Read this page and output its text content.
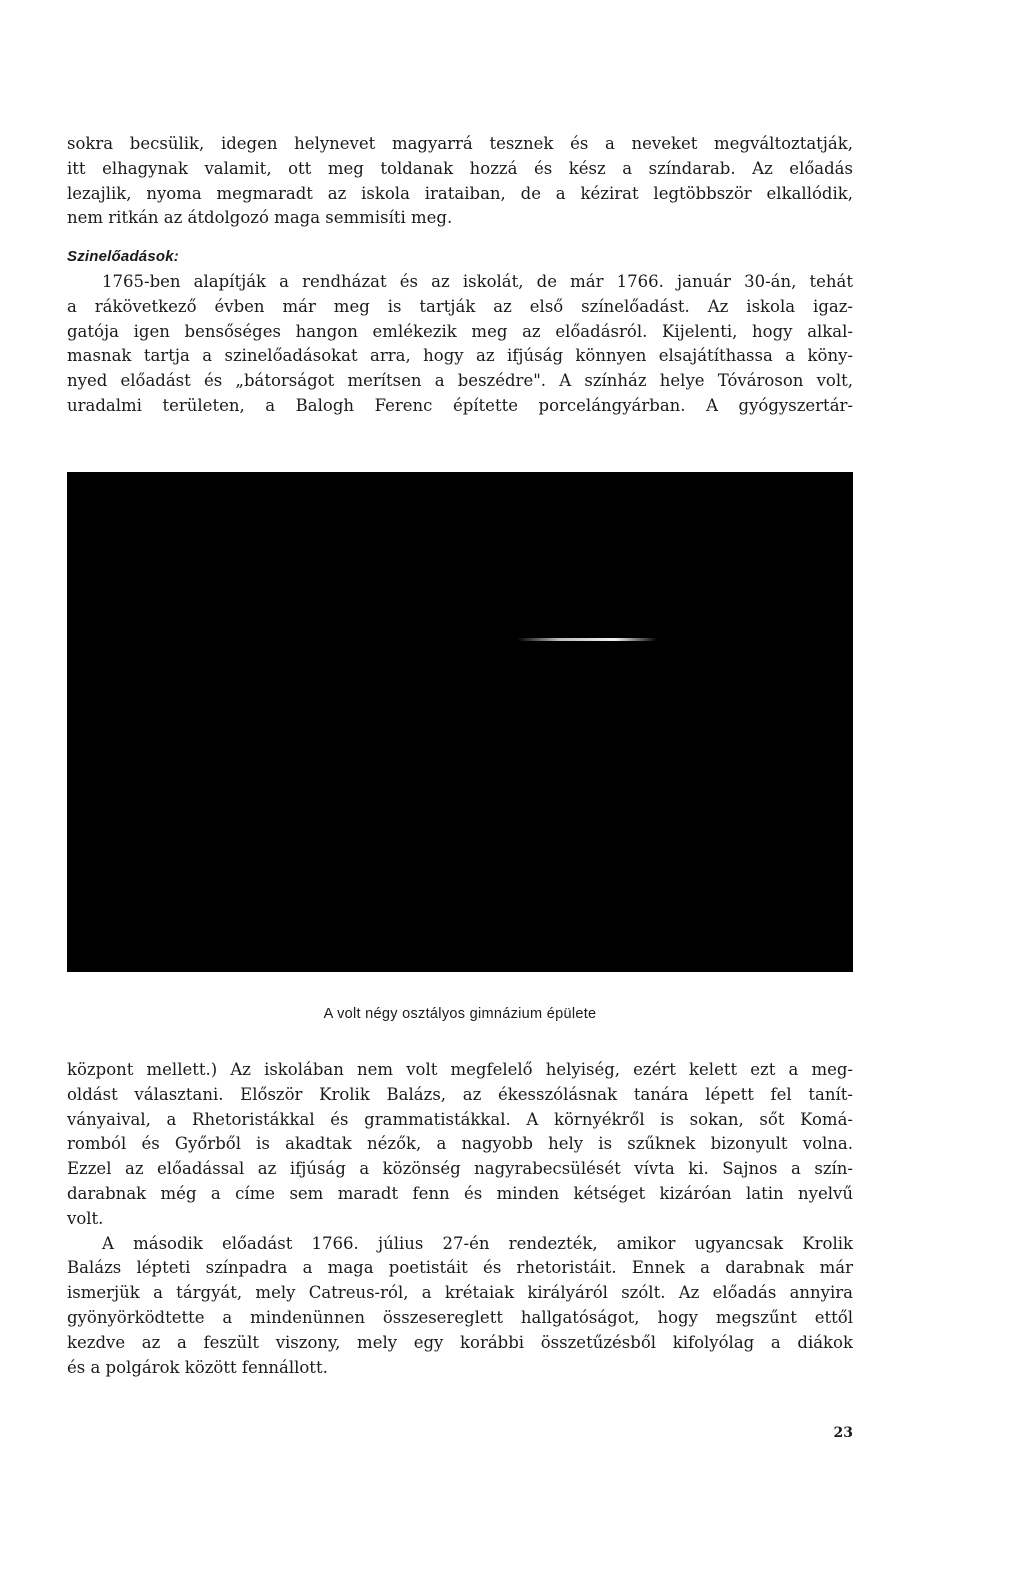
sokra becsülik, idegen helynevet magyarrá tesznek és a neveket megváltoztatják,

itt elhagynak valamit, ott meg toldanak hozzá és kész a színdarab. Az előadás

lezajlik, nyoma megmaradt az iskola irataiban, de a kézirat legtöbbször elkallódik,

nem ritkán az átdolgozó maga semmisíti meg.

Szinelőadások:

1765-ben alapítják a rendházat és az iskolát, de már 1766. január 30-án, tehát

a rákövetkező évben már meg is tartják az első színelőadást. Az iskola igaz-

gatója igen bensőséges hangon emlékezik meg az előadásról. Kijelenti, hogy alkal-

masnak tartja a szinelőadásokat arra, hogy az ifjúság könnyen elsajátíthassa a köny-

nyed előadást és „bátorságot merítsen a beszédre". A színház helye Tóvároson volt,

uradalmi területen, a Balogh Ferenc építette porcelángyárban. A gyógyszertár-

A volt négy osztályos gimnázium épülete

központ mellett.) Az iskolában nem volt megfelelő helyiség, ezért kelett ezt a meg-

oldást választani. Először Krolik Balázs, az ékesszólásnak tanára lépett fel tanít-

ványaival, a Rhetoristákkal és grammatistákkal. A környékről is sokan, sőt Komá-

romból és Győrből is akadtak nézők, a nagyobb hely is szűknek bizonyult volna.

Ezzel az előadással az ifjúság a közönség nagyrabecsülését vívta ki. Sajnos a szín-

darabnak még a címe sem maradt fenn és minden kétséget kizáróan latin nyelvű

volt.

A második előadást 1766. július 27-én rendezték, amikor ugyancsak Krolik

Balázs lépteti színpadra a maga poetistáit és rhetoristáit. Ennek a darabnak már

ismerjük a tárgyát, mely Catreus-ról, a krétaiak királyáról szólt. Az előadás annyira

gyönyörködtette a mindenünnen összesereglett hallgatóságot, hogy megszűnt ettől

kezdve az a feszült viszony, mely egy korábbi összetűzésből kifolyólag a diákok

és a polgárok között fennállott.

23
